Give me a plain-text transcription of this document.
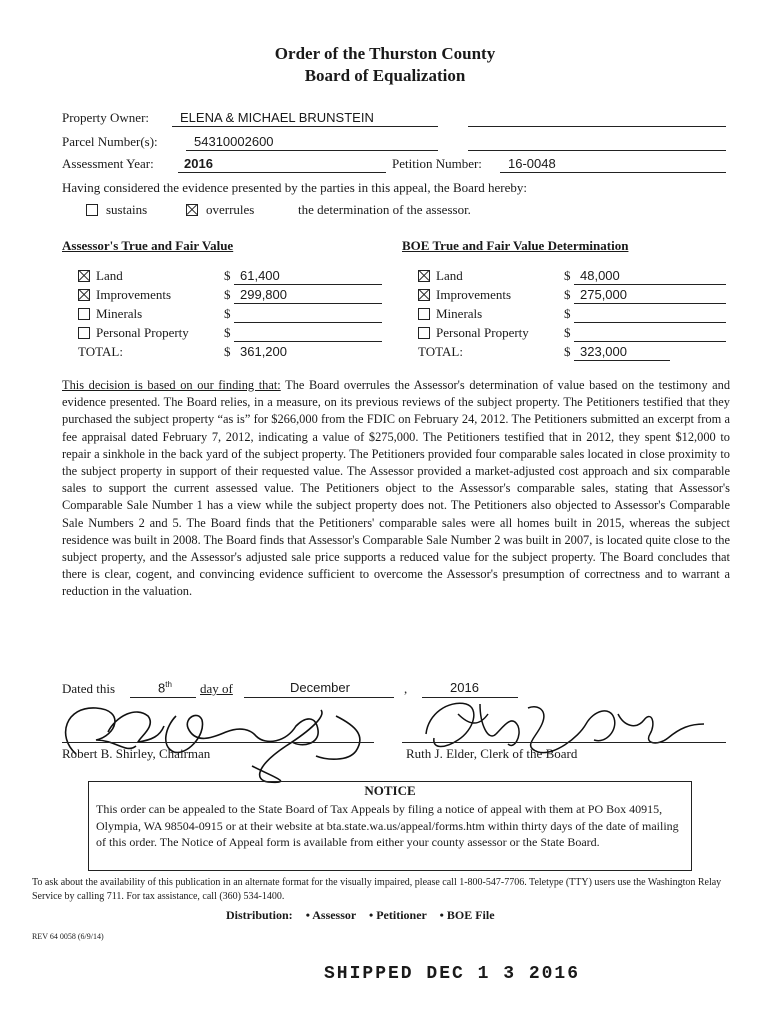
Order of the Thurston County
Board of Equalization
Property Owner: ELENA & MICHAEL BRUNSTEIN
Parcel Number(s):	54310002600
Assessment Year: 2016	Petition Number: 16-0048
Having considered the evidence presented by the parties in this appeal, the Board hereby:
sustains	overrules	the determination of the assessor.
Assessor's True and Fair Value
Land	$ 61,400
Improvements	$ 299,800
Minerals	$
Personal Property	$
TOTAL:	$ 361,200
BOE True and Fair Value Determination
Land	$ 48,000
Improvements	$ 275,000
Minerals	$
Personal Property	$
TOTAL:	$ 323,000
This decision is based on our finding that: The Board overrules the Assessor's determination of value based on the testimony and evidence presented. The Board relies, in a measure, on its previous reviews of the subject property. The Petitioners testified that they purchased the subject property “as is” for $266,000 from the FDIC on February 24, 2012. The Petitioners submitted an excerpt from a fee appraisal dated February 7, 2012, indicating a value of $275,000. The Petitioners testified that in 2012, they spent $12,000 to repair a sinkhole in the back yard of the subject property. The Petitioners provided four comparable sales located in close proximity to the subject property in support of their requested value. The Assessor provided a market-adjusted cost approach and six comparable sales to support the current assessed value. The Petitioners object to the Assessor's comparable sales, stating that Assessor's Comparable Sale Number 1 has a view while the subject property does not. The Petitioners also objected to Assessor's Comparable Sale Numbers 2 and 5. The Board finds that the Petitioners' comparable sales were all homes built in 2015, whereas the subject residence was built in 2008. The Board finds that Assessor's Comparable Sale Number 2 was built in 2007, is located quite close to the subject property, and the Assessor's adjusted sale price supports a reduced value for the subject property. The Board concludes that there is clear, cogent, and convincing evidence sufficient to overcome the Assessor's presumption of correctness and to warrant a reduction in the valuation.
Dated this	8th day of	December	,	2016
Robert B. Shirley, Chairman	Ruth J. Elder, Clerk of the Board
NOTICE
This order can be appealed to the State Board of Tax Appeals by filing a notice of appeal with them at PO Box 40915, Olympia, WA 98504-0915 or at their website at bta.state.wa.us/appeal/forms.htm within thirty days of the date of mailing of this order. The Notice of Appeal form is available from either your county assessor or the State Board.
To ask about the availability of this publication in an alternate format for the visually impaired, please call 1-800-547-7706. Teletype (TTY) users use the Washington Relay Service by calling 711. For tax assistance, call (360) 534-1400.
Distribution: • Assessor • Petitioner • BOE File
REV 64 0058 (6/9/14)
SHIPPED DEC 1 3 2016
